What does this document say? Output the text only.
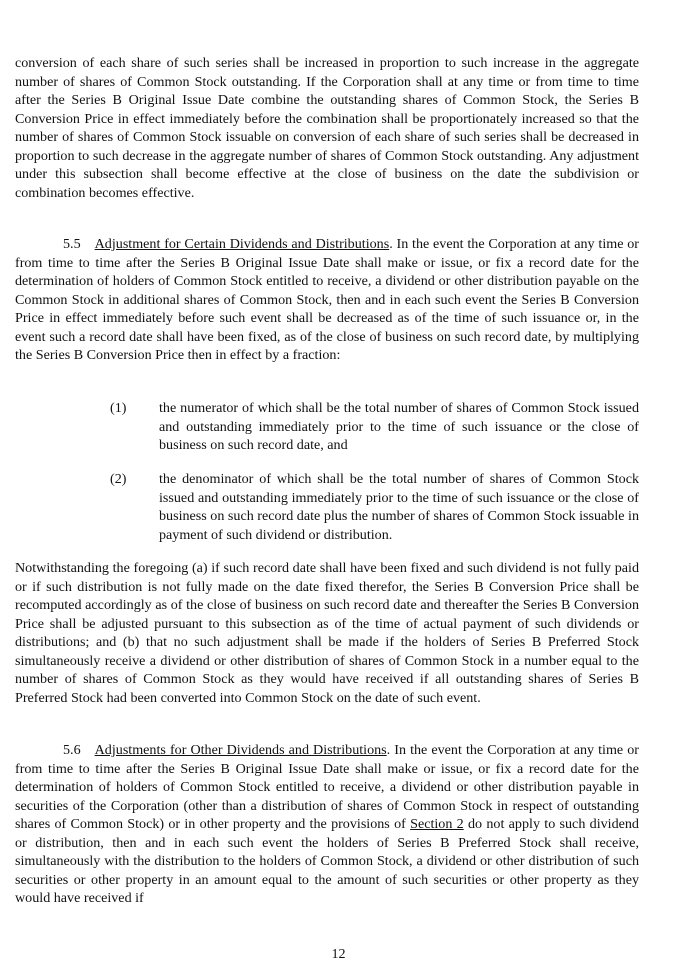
conversion of each share of such series shall be increased in proportion to such increase in the aggregate number of shares of Common Stock outstanding. If the Corporation shall at any time or from time to time after the Series B Original Issue Date combine the outstanding shares of Common Stock, the Series B Conversion Price in effect immediately before the combination shall be proportionately increased so that the number of shares of Common Stock issuable on conversion of each share of such series shall be decreased in proportion to such decrease in the aggregate number of shares of Common Stock outstanding. Any adjustment under this subsection shall become effective at the close of business on the date the subdivision or combination becomes effective.

5.5 Adjustment for Certain Dividends and Distributions. In the event the Corporation at any time or from time to time after the Series B Original Issue Date shall make or issue, or fix a record date for the determination of holders of Common Stock entitled to receive, a dividend or other distribution payable on the Common Stock in additional shares of Common Stock, then and in each such event the Series B Conversion Price in effect immediately before such event shall be decreased as of the time of such issuance or, in the event such a record date shall have been fixed, as of the close of business on such record date, by multiplying the Series B Conversion Price then in effect by a fraction:

(1)	the numerator of which shall be the total number of shares of Common Stock issued and outstanding immediately prior to the time of such issuance or the close of business on such record date, and
(2)	the denominator of which shall be the total number of shares of Common Stock issued and outstanding immediately prior to the time of such issuance or the close of business on such record date plus the number of shares of Common Stock issuable in payment of such dividend or distribution.

Notwithstanding the foregoing (a) if such record date shall have been fixed and such dividend is not fully paid or if such distribution is not fully made on the date fixed therefor, the Series B Conversion Price shall be recomputed accordingly as of the close of business on such record date and thereafter the Series B Conversion Price shall be adjusted pursuant to this subsection as of the time of actual payment of such dividends or distributions; and (b) that no such adjustment shall be made if the holders of Series B Preferred Stock simultaneously receive a dividend or other distribution of shares of Common Stock in a number equal to the number of shares of Common Stock as they would have received if all outstanding shares of Series B Preferred Stock had been converted into Common Stock on the date of such event.

5.6 Adjustments for Other Dividends and Distributions. In the event the Corporation at any time or from time to time after the Series B Original Issue Date shall make or issue, or fix a record date for the determination of holders of Common Stock entitled to receive, a dividend or other distribution payable in securities of the Corporation (other than a distribution of shares of Common Stock in respect of outstanding shares of Common Stock) or in other property and the provisions of Section 2 do not apply to such dividend or distribution, then and in each such event the holders of Series B Preferred Stock shall receive, simultaneously with the distribution to the holders of Common Stock, a dividend or other distribution of such securities or other property in an amount equal to the amount of such securities or other property as they would have received if

12
